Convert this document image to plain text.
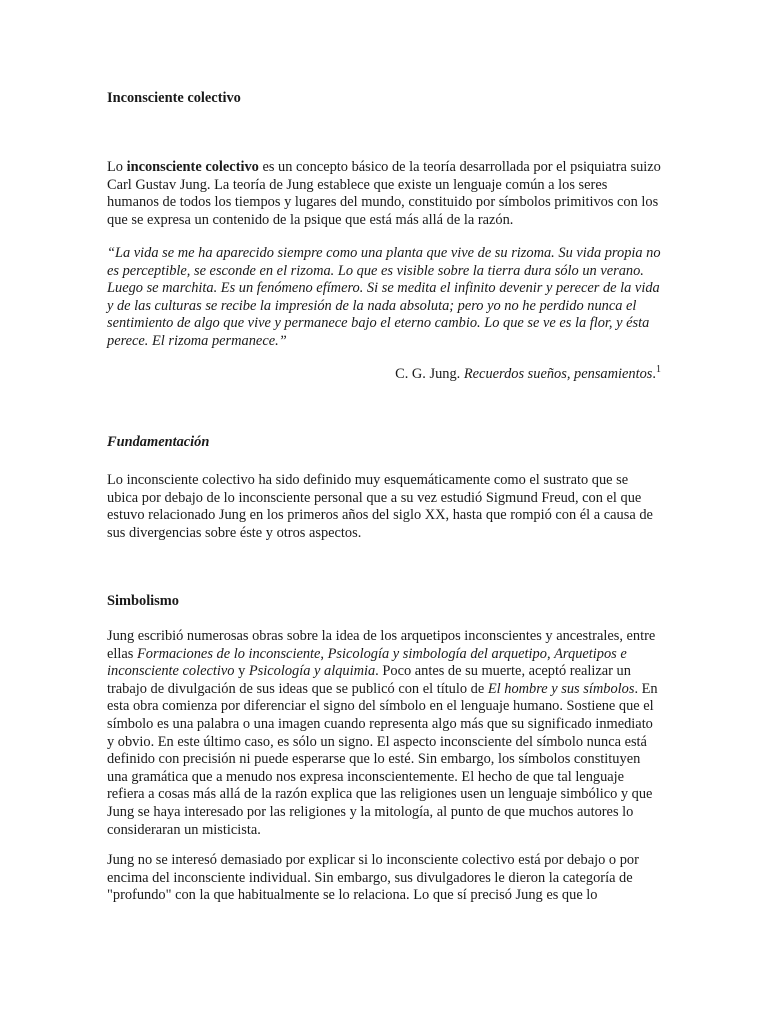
Inconsciente colectivo

Lo inconsciente colectivo es un concepto básico de la teoría desarrollada por el psiquiatra suizo Carl Gustav Jung. La teoría de Jung establece que existe un lenguaje común a los seres humanos de todos los tiempos y lugares del mundo, constituido por símbolos primitivos con los que se expresa un contenido de la psique que está más allá de la razón.

“La vida se me ha aparecido siempre como una planta que vive de su rizoma. Su vida propia no es perceptible, se esconde en el rizoma. Lo que es visible sobre la tierra dura sólo un verano. Luego se marchita. Es un fenómeno efímero. Si se medita el infinito devenir y perecer de la vida y de las culturas se recibe la impresión de la nada absoluta; pero yo no he perdido nunca el sentimiento de algo que vive y permanece bajo el eterno cambio. Lo que se ve es la flor, y ésta perece. El rizoma permanece.”

C. G. Jung. Recuerdos sueños, pensamientos.$^1$

Fundamentación

Lo inconsciente colectivo ha sido definido muy esquemáticamente como el sustrato que se ubica por debajo de lo inconsciente personal que a su vez estudió Sigmund Freud, con el que estuvo relacionado Jung en los primeros años del siglo XX, hasta que rompió con él a causa de sus divergencias sobre éste y otros aspectos.

Simbolismo

Jung escribió numerosas obras sobre la idea de los arquetipos inconscientes y ancestrales, entre ellas Formaciones de lo inconsciente, Psicología y simbología del arquetipo, Arquetipos e inconsciente colectivo y Psicología y alquimia. Poco antes de su muerte, aceptó realizar un trabajo de divulgación de sus ideas que se publicó con el título de El hombre y sus símbolos. En esta obra comienza por diferenciar el signo del símbolo en el lenguaje humano. Sostiene que el símbolo es una palabra o una imagen cuando representa algo más que su significado inmediato y obvio. En este último caso, es sólo un signo. El aspecto inconsciente del símbolo nunca está definido con precisión ni puede esperarse que lo esté. Sin embargo, los símbolos constituyen una gramática que a menudo nos expresa inconscientemente. El hecho de que tal lenguaje refiera a cosas más allá de la razón explica que las religiones usen un lenguaje simbólico y que Jung se haya interesado por las religiones y la mitología, al punto de que muchos autores lo consideraran un misticista.

Jung no se interesó demasiado por explicar si lo inconsciente colectivo está por debajo o por encima del inconsciente individual. Sin embargo, sus divulgadores le dieron la categoría de "profundo" con la que habitualmente se lo relaciona. Lo que sí precisó Jung es que lo
